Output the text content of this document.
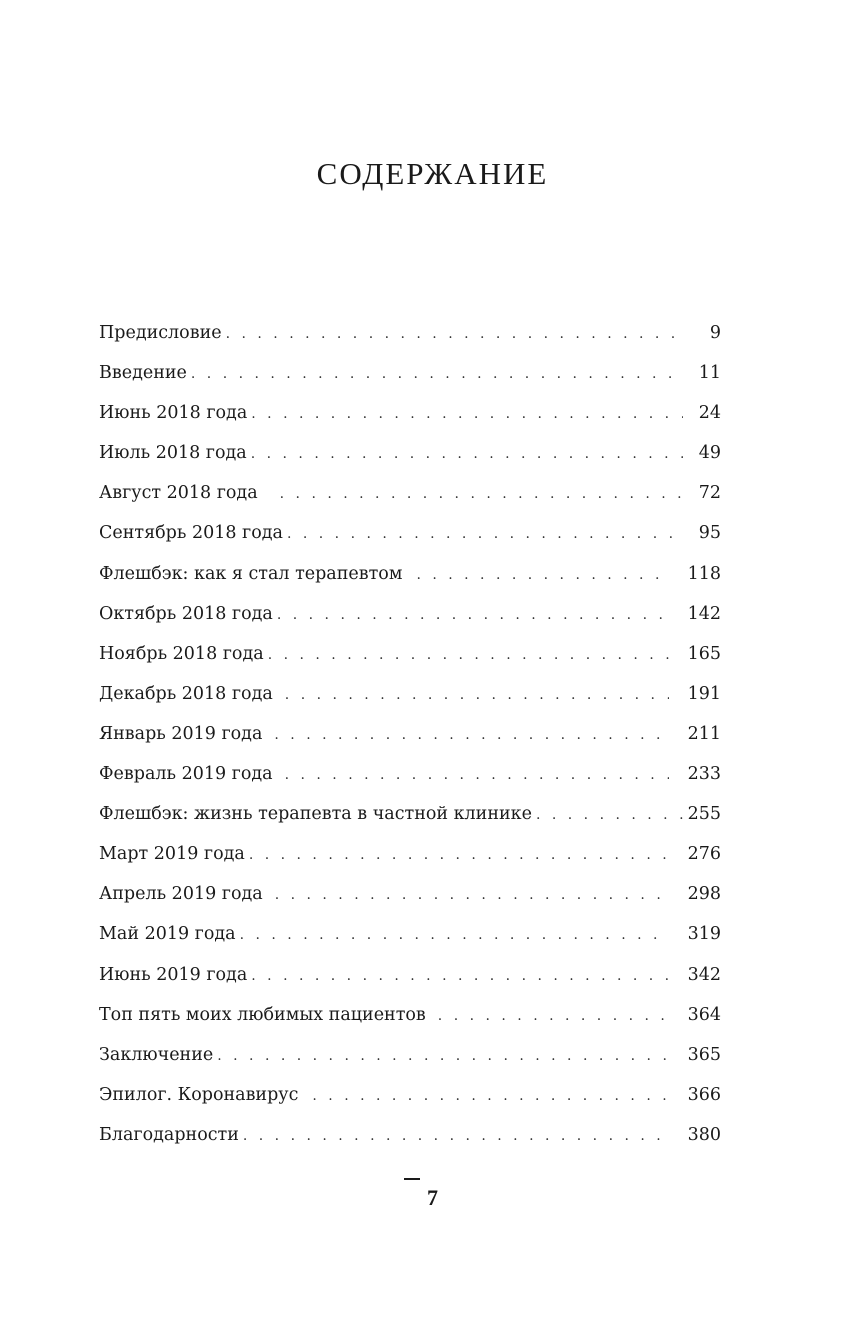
СОДЕРЖАНИЕ
Предисловие . . .	9
Введение . . .	11
Июнь 2018 года . . .	24
Июль 2018 года . . .	49
Август 2018 года . . .	72
Сентябрь 2018 года . . .	95
Флешбэк: как я стал терапевтом . . .	118
Октябрь 2018 года . . .	142
Ноябрь 2018 года . . .	165
Декабрь 2018 года . . .	191
Январь 2019 года . . .	211
Февраль 2019 года . . .	233
Флешбэк: жизнь терапевта в частной клинике . . .	255
Март 2019 года . . .	276
Апрель 2019 года . . .	298
Май 2019 года . . .	319
Июнь 2019 года . . .	342
Топ пять моих любимых пациентов . . .	364
Заключение . . .	365
Эпилог. Коронавирус . . .	366
Благодарности . . .	380
7
